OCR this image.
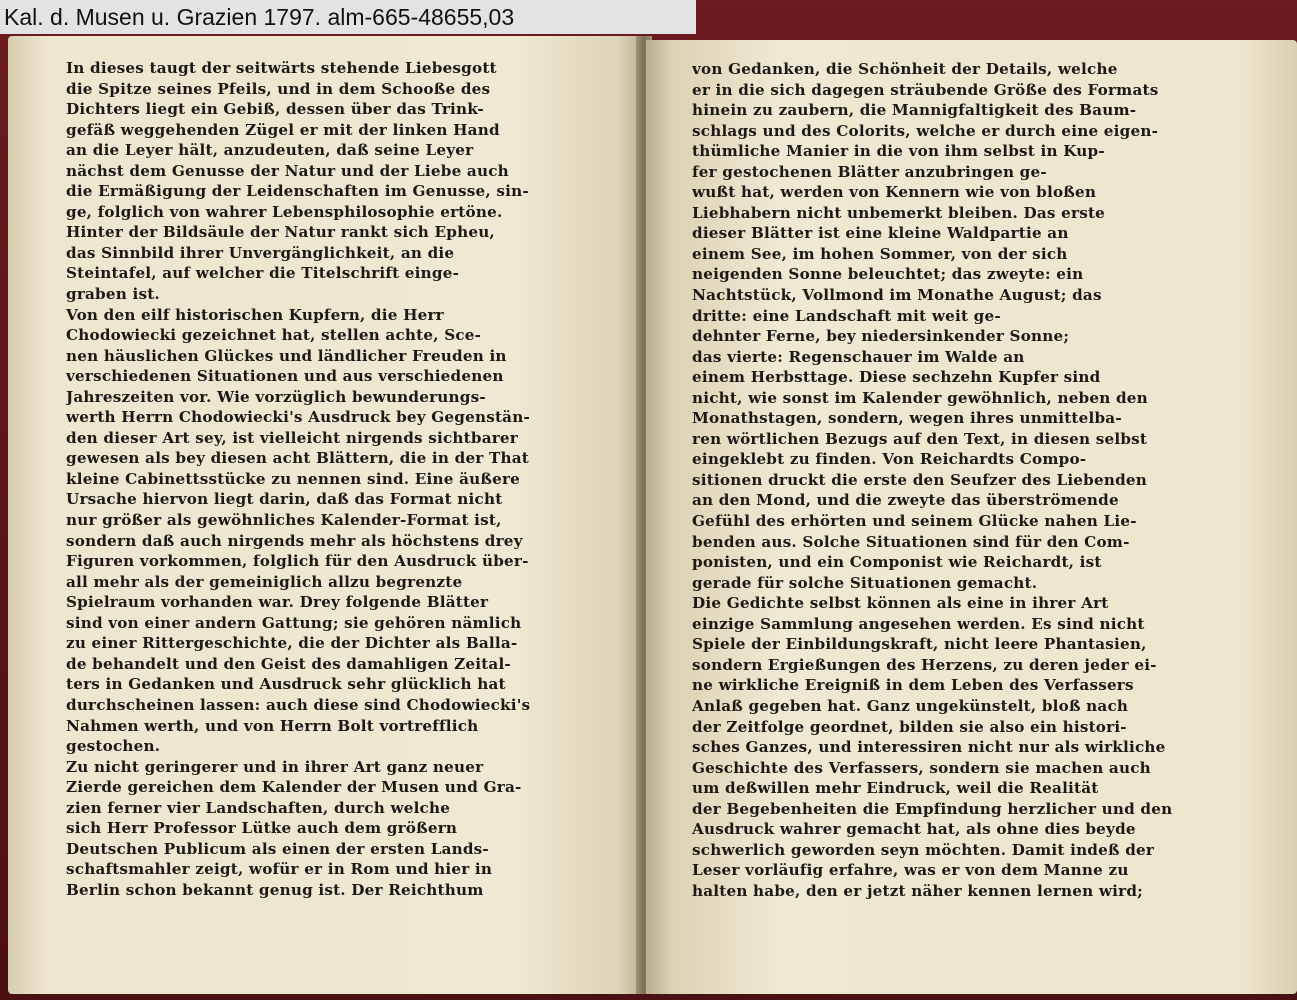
Kal. d. Musen u. Grazien 1797. alm-665-48655,03
In dieses taugt der seitwärts stehende Liebesgott
die Spitze seines Pfeils, und in dem Schooße des
Dichters liegt ein Gebiß, dessen über das Trink-
gefäß weggehenden Zügel er mit der linken Hand
an die Leyer hält, anzudeuten, daß seine Leyer
nächst dem Genusse der Natur und der Liebe auch
die Ermäßigung der Leidenschaften im Genusse, sin-
ge, folglich von wahrer Lebensphilosophie ertöne.
Hinter der Bildsäule der Natur rankt sich Epheu,
das Sinnbild ihrer Unvergänglichkeit, an die
Steintafel, auf welcher die Titelschrift einge-
graben ist.
Von den eilf historischen Kupfern, die Herr
Chodowiecki gezeichnet hat, stellen achte, Sce-
nen häuslichen Glückes und ländlicher Freuden in
verschiedenen Situationen und aus verschiedenen
Jahreszeiten vor. Wie vorzüglich bewunderungs-
werth Herrn Chodowiecki's Ausdruck bey Gegenstän-
den dieser Art sey, ist vielleicht nirgends sichtbarer
gewesen als bey diesen acht Blättern, die in der That
kleine Cabinettsstücke zu nennen sind. Eine äußere
Ursache hiervon liegt darin, daß das Format nicht
nur größer als gewöhnliches Kalender-Format ist,
sondern daß auch nirgends mehr als höchstens drey
Figuren vorkommen, folglich für den Ausdruck über-
all mehr als der gemeiniglich allzu begrenzte
Spielraum vorhanden war. Drey folgende Blätter
sind von einer andern Gattung; sie gehören nämlich
zu einer Rittergeschichte, die der Dichter als Balla-
de behandelt und den Geist des damahligen Zeital-
ters in Gedanken und Ausdruck sehr glücklich hat
durchscheinen lassen: auch diese sind Chodowiecki's
Nahmen werth, und von Herrn Bolt vortrefflich
gestochen.
Zu nicht geringerer und in ihrer Art ganz neuer
Zierde gereichen dem Kalender der Musen und Gra-
zien ferner vier Landschaften, durch welche
sich Herr Professor Lütke auch dem größern
Deutschen Publicum als einen der ersten Lands-
schaftsmahler zeigt, wofür er in Rom und hier in
Berlin schon bekannt genug ist. Der Reichthum
von Gedanken, die Schönheit der Details, welche
er in die sich dagegen sträubende Größe des Formats
hinein zu zaubern, die Mannigfaltigkeit des Baum-
schlags und des Colorits, welche er durch eine eigen-
thümliche Manier in die von ihm selbst in Kup-
fer gestochenen Blätter anzubringen ge-
wußt hat, werden von Kennern wie von bloßen
Liebhabern nicht unbemerkt bleiben. Das erste
dieser Blätter ist eine kleine Waldpartie an
einem See, im hohen Sommer, von der sich
neigenden Sonne beleuchtet; das zweyte: ein
Nachtstück, Vollmond im Monathe August; das
dritte: eine Landschaft mit weit ge-
dehnter Ferne, bey niedersinkender Sonne;
das vierte: Regenschauer im Walde an
einem Herbsttage. Diese sechzehn Kupfer sind
nicht, wie sonst im Kalender gewöhnlich, neben den
Monathstagen, sondern, wegen ihres unmittelba-
ren wörtlichen Bezugs auf den Text, in diesen selbst
eingeklebt zu finden. Von Reichardts Compo-
sitionen druckt die erste den Seufzer des Liebenden
an den Mond, und die zweyte das überströmende
Gefühl des erhörten und seinem Glücke nahen Lie-
benden aus. Solche Situationen sind für den Com-
ponisten, und ein Componist wie Reichardt, ist
gerade für solche Situationen gemacht.
Die Gedichte selbst können als eine in ihrer Art
einzige Sammlung angesehen werden. Es sind nicht
Spiele der Einbildungskraft, nicht leere Phantasien,
sondern Ergießungen des Herzens, zu deren jeder ei-
ne wirkliche Ereigniß in dem Leben des Verfassers
Anlaß gegeben hat. Ganz ungekünstelt, bloß nach
der Zeitfolge geordnet, bilden sie also ein histori-
sches Ganzes, und interessiren nicht nur als wirkliche
Geschichte des Verfassers, sondern sie machen auch
um deßwillen mehr Eindruck, weil die Realität
der Begebenheiten die Empfindung herzlicher und den
Ausdruck wahrer gemacht hat, als ohne dies beyde
schwerlich geworden seyn möchten. Damit indeß der
Leser vorläufig erfahre, was er von dem Manne zu
halten habe, den er jetzt näher kennen lernen wird;
